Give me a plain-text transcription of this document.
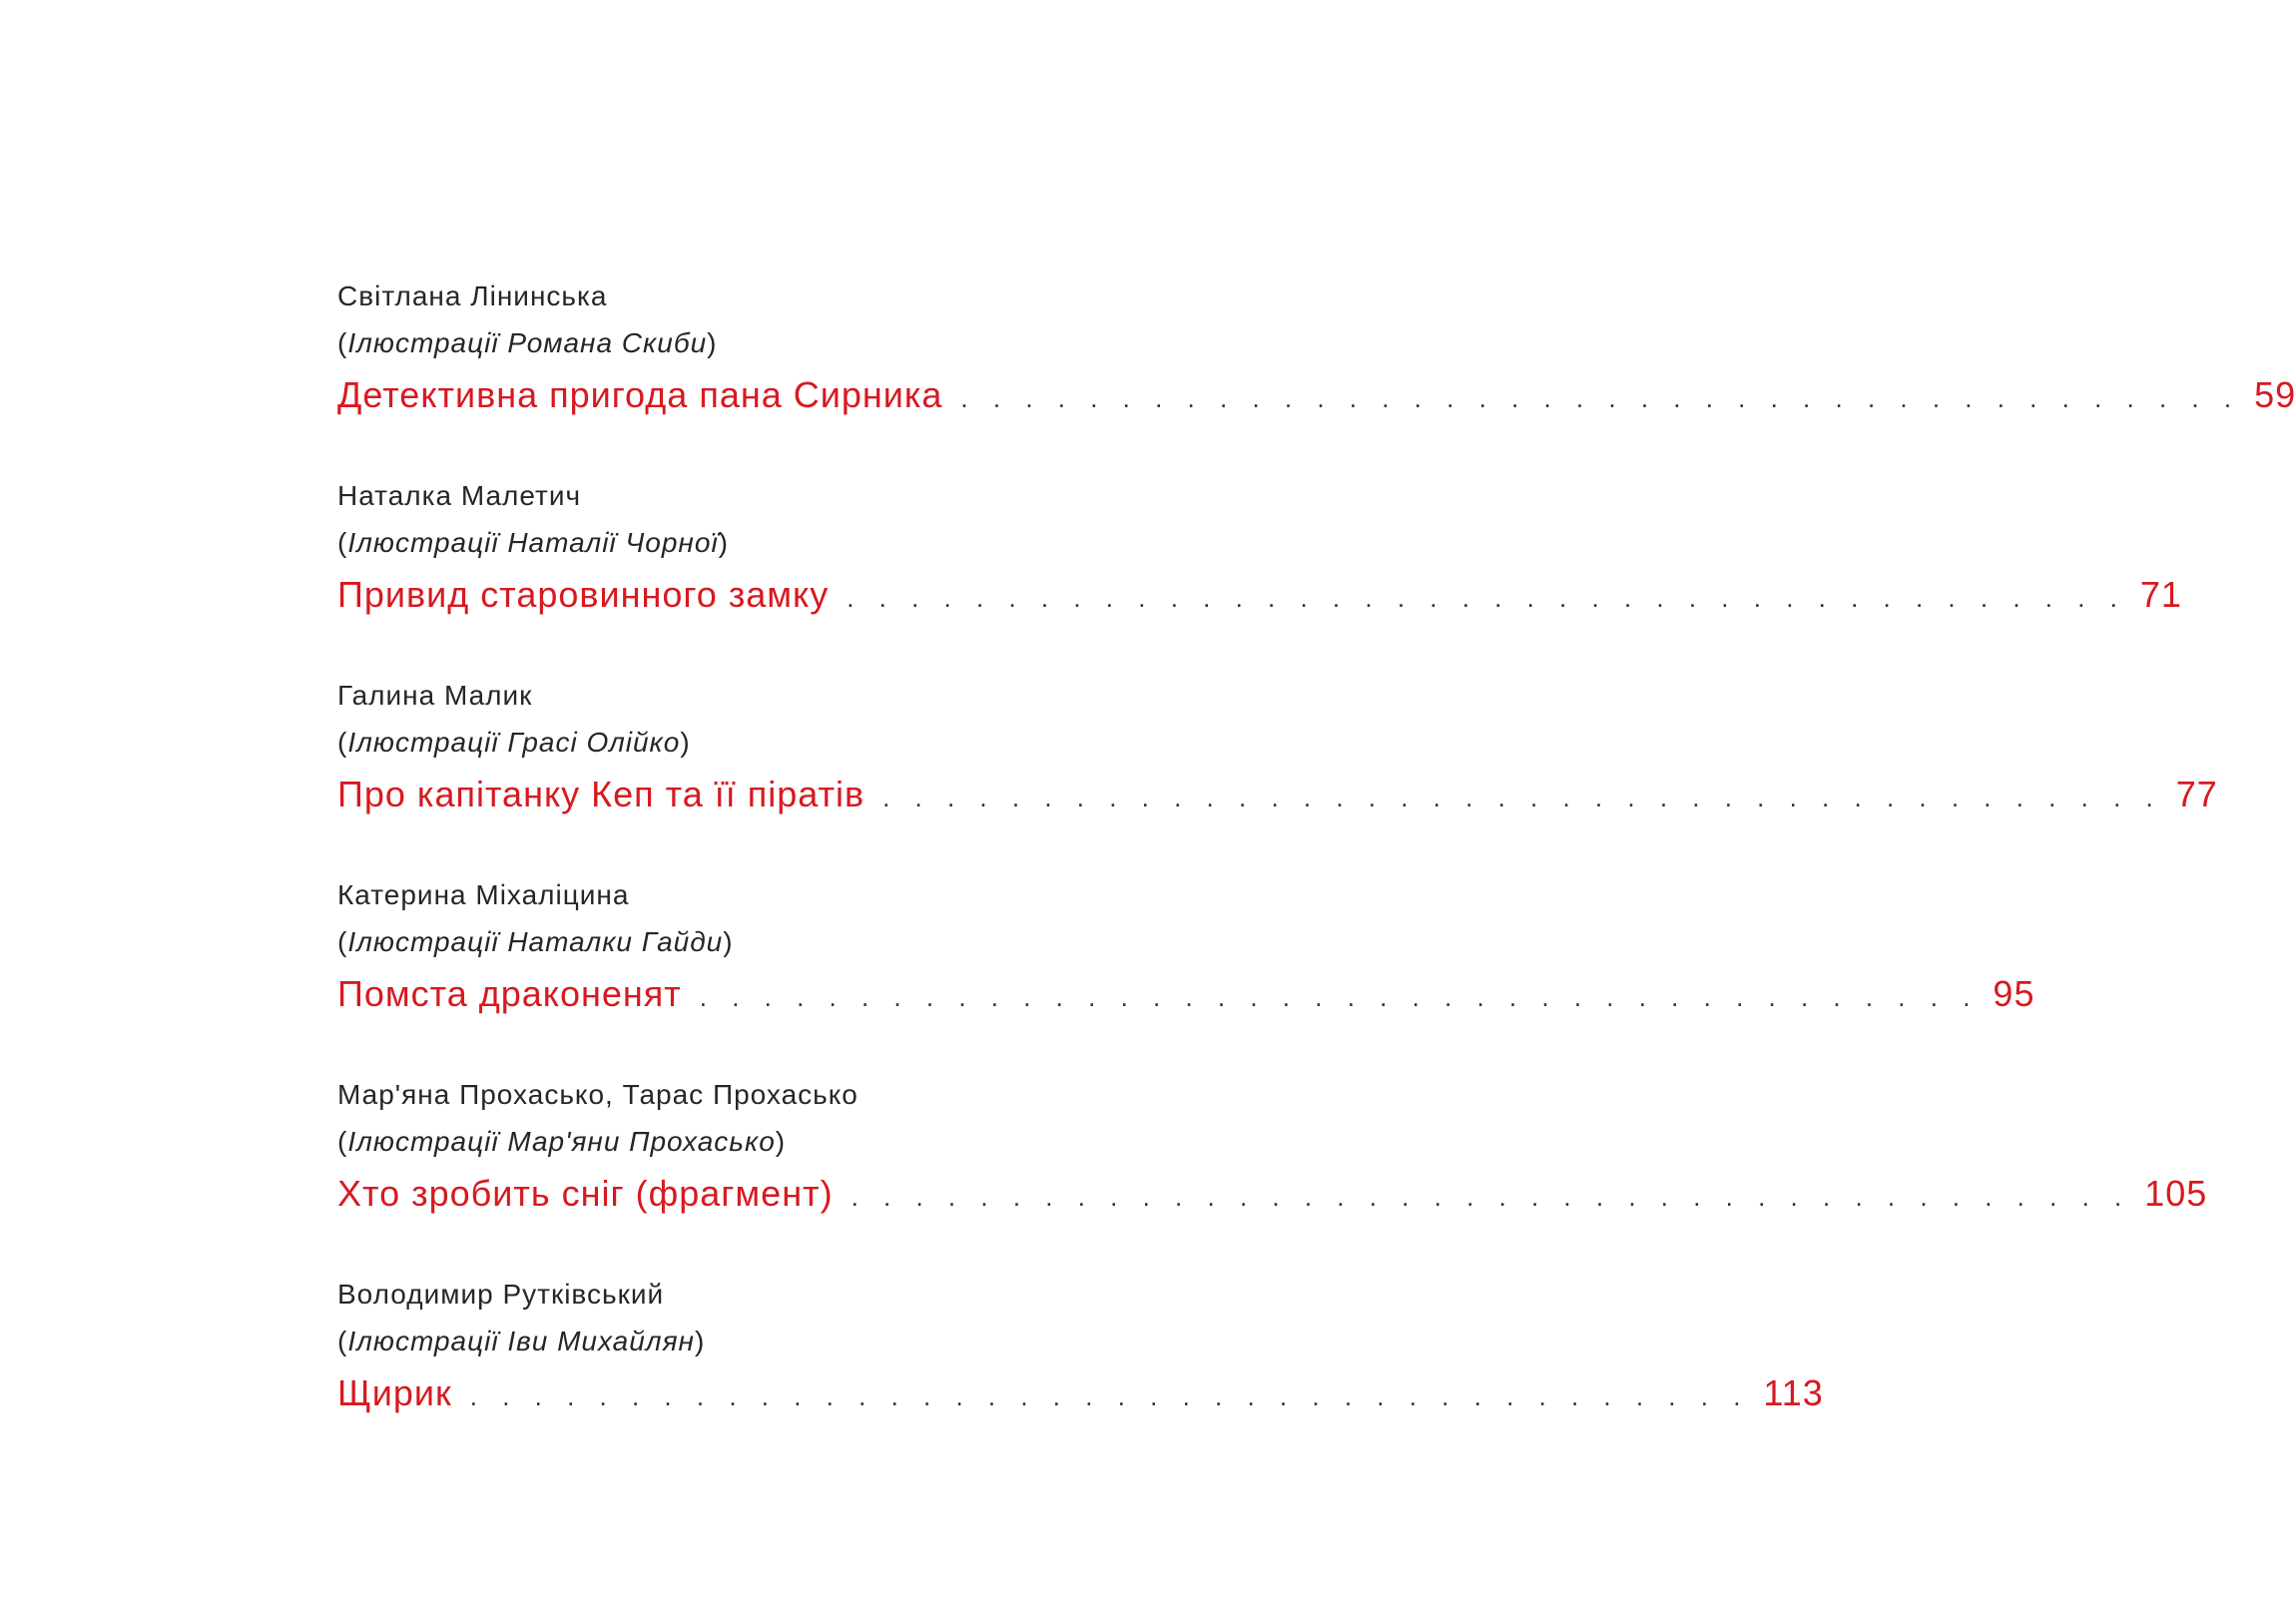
Світлана Лінинська
(Ілюстрації Романа Скиби)
Детективна пригода пана Сирника . . . . . . . . . . . . . . . . . . . . . . . . . . . . . . . . . . . . . . . . 59
Наталка Малетич
(Ілюстрації Наталії Чорної)
Привид старовинного замку . . . . . . . . . . . . . . . . . . . . . . . . . . . . . . . . . . . . . . . . 71
Галина Малик
(Ілюстрації Грасі Олійко)
Про капітанку Кеп та її піратів . . . . . . . . . . . . . . . . . . . . . . . . . . . . . . . . . . . . . . . . 77
Катерина Міхаліцина
(Ілюстрації Наталки Гайди)
Помста драконенят . . . . . . . . . . . . . . . . . . . . . . . . . . . . . . . . . . . . . . . . 95
Мар'яна Прохасько, Тарас Прохасько
(Ілюстрації Мар'яни Прохасько)
Хто зробить сніг (фрагмент) . . . . . . . . . . . . . . . . . . . . . . . . . . . . . . . . . . . . . . . . 105
Володимир Рутківський
(Ілюстрації Іви Михайлян)
Щирик . . . . . . . . . . . . . . . . . . . . . . . . . . . . . . . . . . . . . . . . 113
